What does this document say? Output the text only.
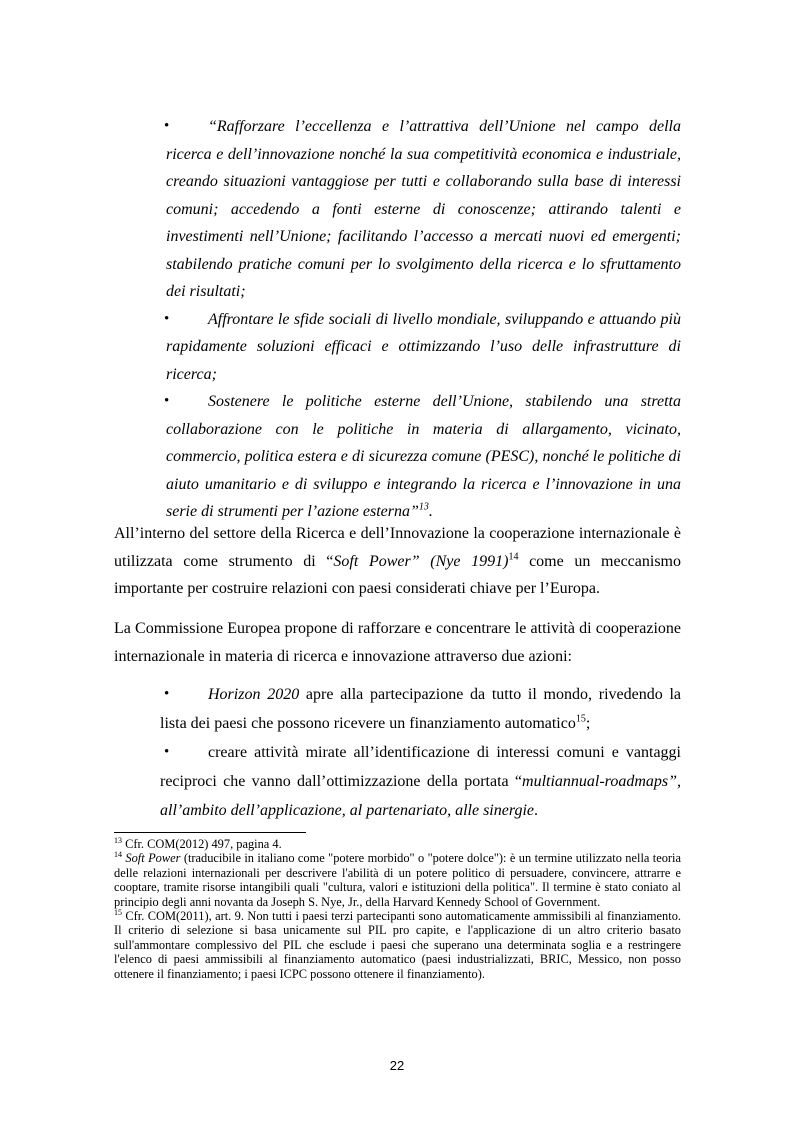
•	“Rafforzare l’eccellenza e l’attrattiva dell’Unione nel campo della ricerca e dell’innovazione nonché la sua competitività economica e industriale, creando situazioni vantaggiose per tutti e collaborando sulla base di interessi comuni; accedendo a fonti esterne di conoscenze; attirando talenti e investimenti nell’Unione; facilitando l’accesso a mercati nuovi ed emergenti; stabilendo pratiche comuni per lo svolgimento della ricerca e lo sfruttamento dei risultati;
•	Affrontare le sfide sociali di livello mondiale, sviluppando e attuando più rapidamente soluzioni efficaci e ottimizzando l’uso delle infrastrutture di ricerca;
•	Sostenere le politiche esterne dell’Unione, stabilendo una stretta collaborazione con le politiche in materia di allargamento, vicinato, commercio, politica estera e di sicurezza comune (PESC), nonché le politiche di aiuto umanitario e di sviluppo e integrando la ricerca e l’innovazione in una serie di strumenti per l’azione esterna”$^{13}$.

All’interno del settore della Ricerca e dell’Innovazione la cooperazione internazionale è utilizzata come strumento di “Soft Power” (Nye 1991)$^{14}$ come un meccanismo importante per costruire relazioni con paesi considerati chiave per l’Europa.

La Commissione Europea propone di rafforzare e concentrare le attività di cooperazione internazionale in materia di ricerca e innovazione attraverso due azioni:

•	Horizon 2020 apre alla partecipazione da tutto il mondo, rivedendo la lista dei paesi che possono ricevere un finanziamento automatico$^{15}$;
•	creare attività mirate all’identificazione di interessi comuni e vantaggi reciproci che vanno dall’ottimizzazione della portata “multiannual-roadmaps”, all’ambito dell’applicazione, al partenariato, alle sinergie.

$^{13}$ Cfr. COM(2012) 497, pagina 4.

$^{14}$ Soft Power (traducibile in italiano come "potere morbido" o "potere dolce"): è un termine utilizzato nella teoria delle relazioni internazionali per descrivere l'abilità di un potere politico di persuadere, convincere, attrarre e cooptare, tramite risorse intangibili quali "cultura, valori e istituzioni della politica". Il termine è stato coniato al principio degli anni novanta da Joseph S. Nye, Jr., della Harvard Kennedy School of Government.

$^{15}$ Cfr. COM(2011), art. 9. Non tutti i paesi terzi partecipanti sono automaticamente ammissibili al finanziamento. Il criterio di selezione si basa unicamente sul PIL pro capite, e l'applicazione di un altro criterio basato sull'ammontare complessivo del PIL che esclude i paesi che superano una determinata soglia e a restringere l'elenco di paesi ammissibili al finanziamento automatico (paesi industrializzati, BRIC, Messico, non posso ottenere il finanziamento; i paesi ICPC possono ottenere il finanziamento).

22
